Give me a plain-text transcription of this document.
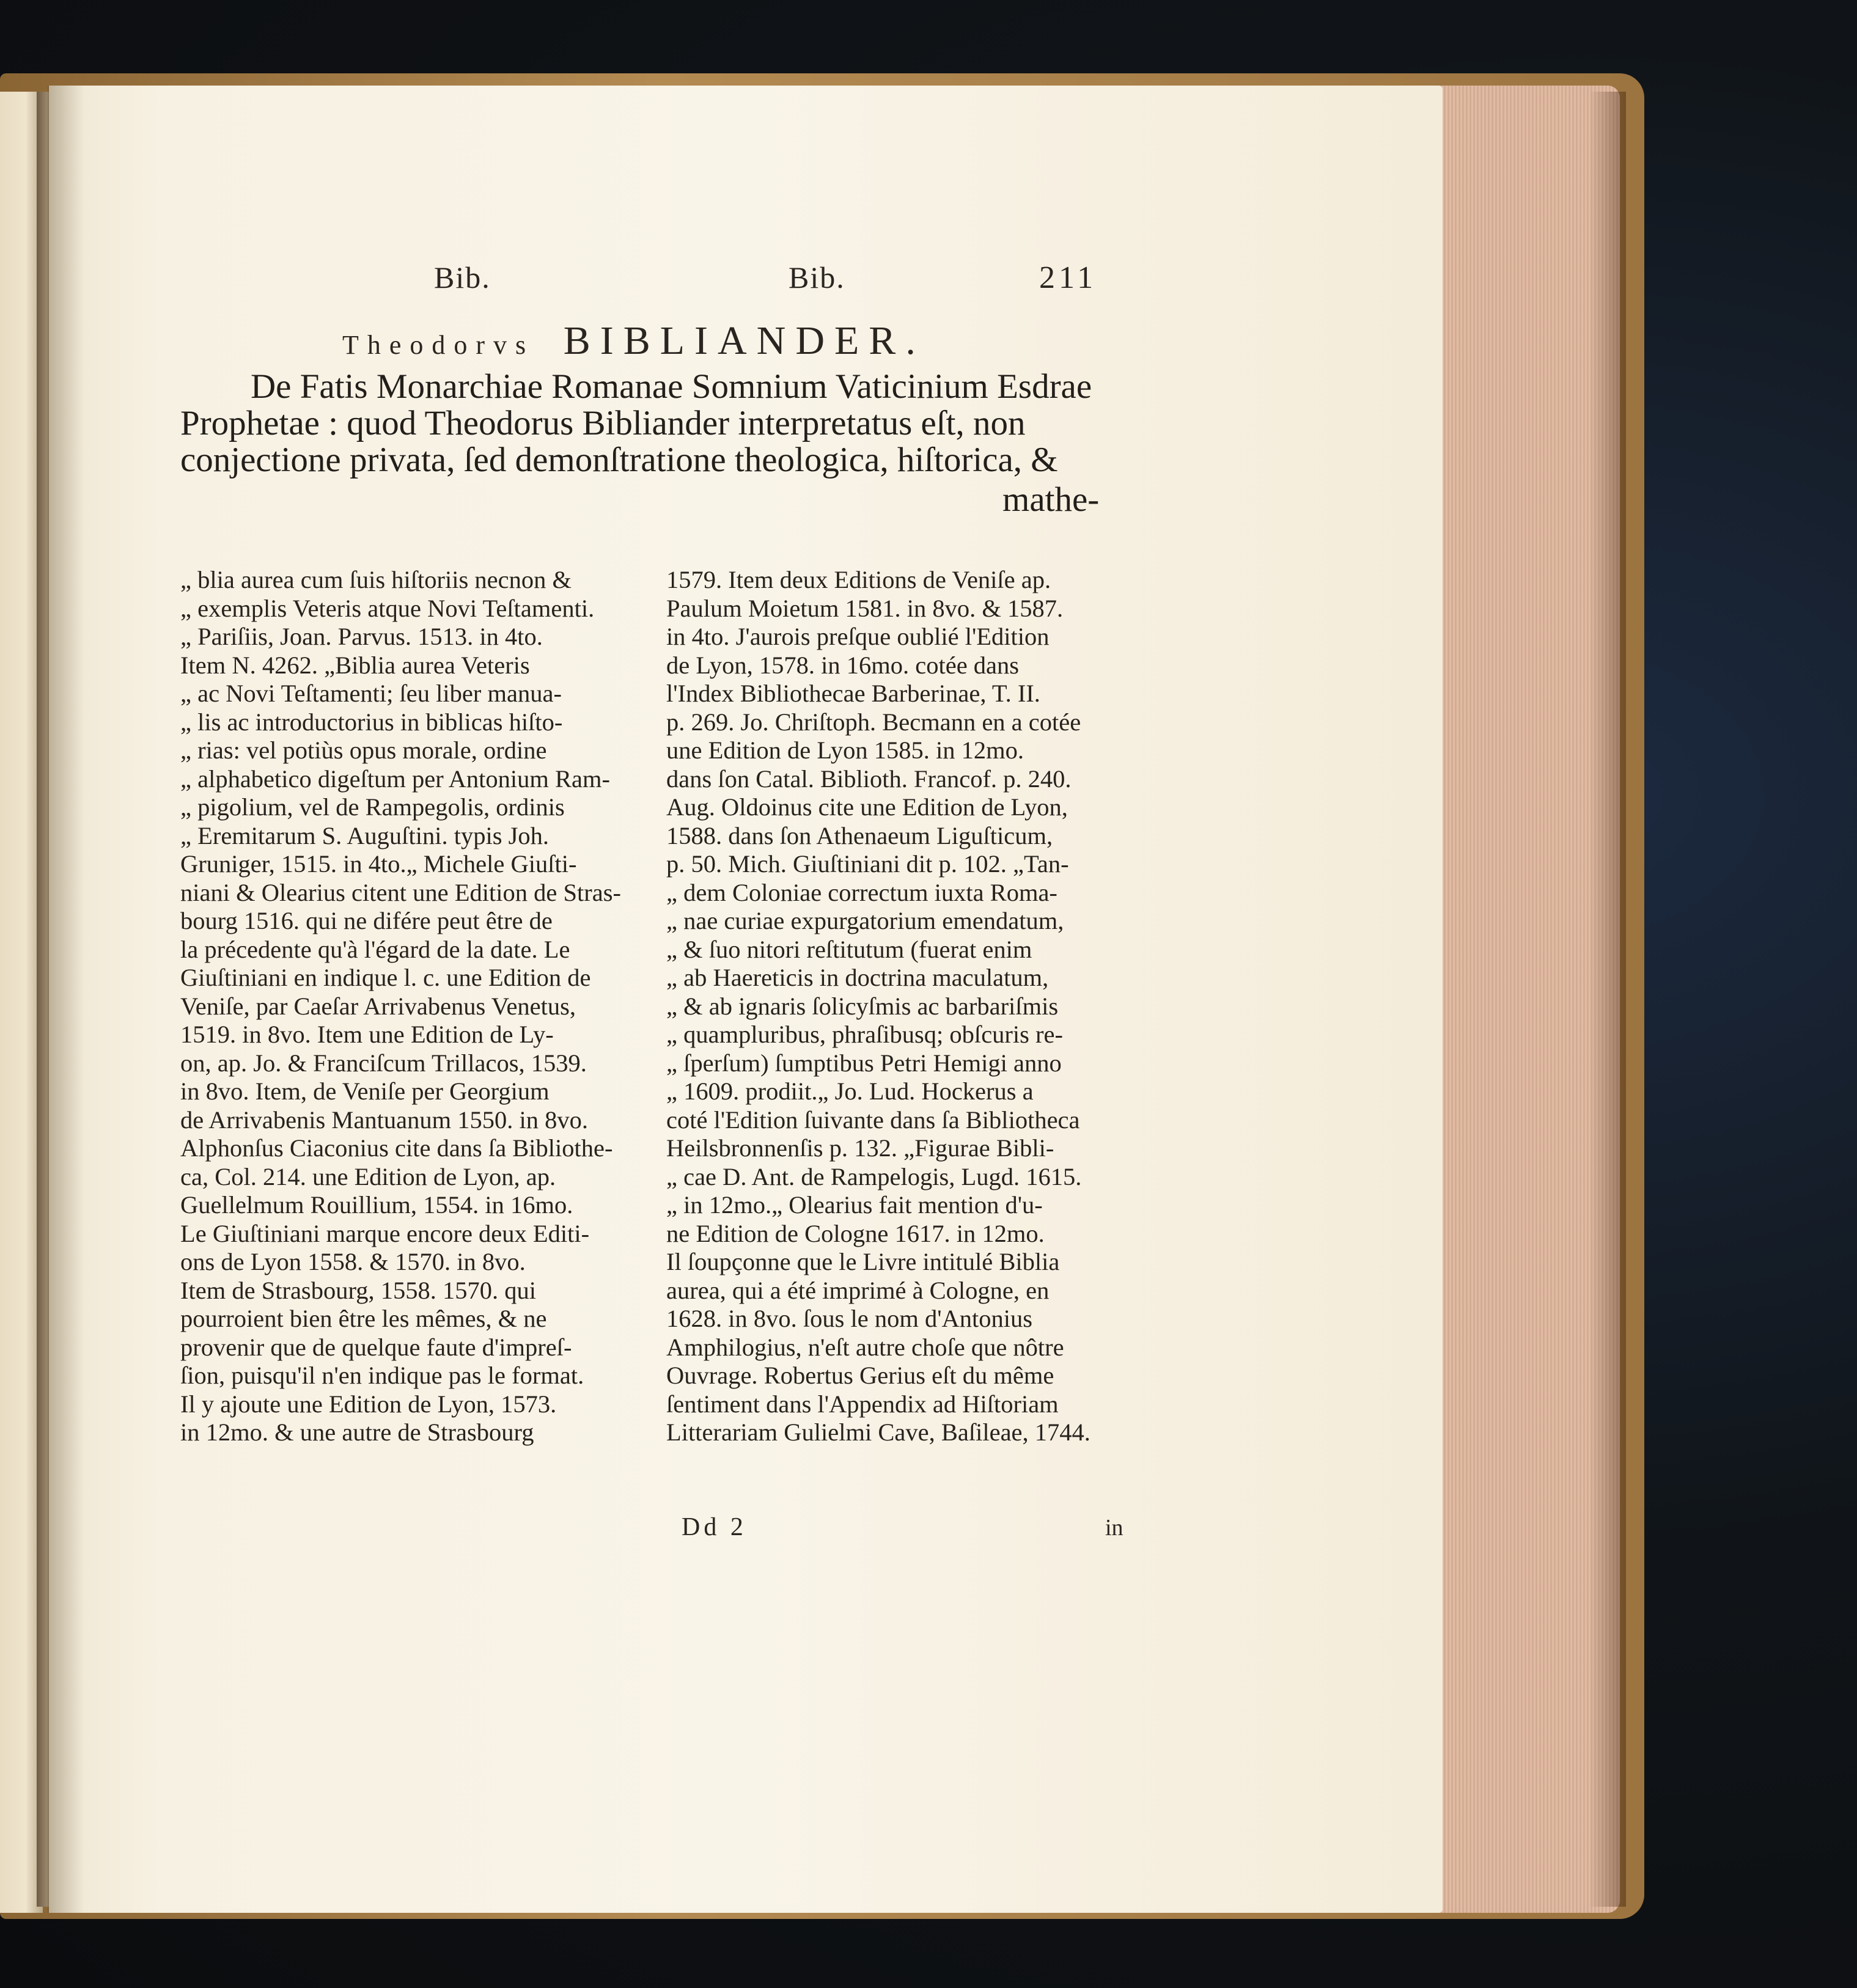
Bib.	Bib.	211
Theodorvs BIBLIANDER.
De Fatis Monarchiae Romanae Somnium Vaticinium Esdrae
Prophetae : quod Theodorus Bibliander interpretatus eſt, non
conjectione privata, ſed demonſtratione theologica, hiſtorica, &
mathe-
„ blia aurea cum ſuis hiſtoriis necnon &
„ exemplis Veteris atque Novi Teſtamenti.
„ Pariſiis, Joan. Parvus. 1513. in 4to.
Item N. 4262. „Biblia aurea Veteris
„ ac Novi Teſtamenti; ſeu liber manua-
„ lis ac introductorius in biblicas hiſto-
„ rias: vel potiùs opus morale, ordine
„ alphabetico digeſtum per Antonium Ram-
„ pigolium, vel de Rampegolis, ordinis
„ Eremitarum S. Auguſtini. typis Joh.
Gruniger, 1515. in 4to.„ Michele Giuſti-
niani & Olearius citent une Edition de Stras-
bourg 1516. qui ne difére peut être de
la précedente qu'à l'égard de la date. Le
Giuſtiniani en indique l. c. une Edition de
Veniſe, par Caeſar Arrivabenus Venetus,
1519. in 8vo. Item une Edition de Ly-
on, ap. Jo. & Franciſcum Trillacos, 1539.
in 8vo. Item, de Veniſe per Georgium
de Arrivabenis Mantuanum 1550. in 8vo.
Alphonſus Ciaconius cite dans ſa Bibliothe-
ca, Col. 214. une Edition de Lyon, ap.
Guellelmum Rouillium, 1554. in 16mo.
Le Giuſtiniani marque encore deux Editi-
ons de Lyon 1558. & 1570. in 8vo.
Item de Strasbourg, 1558. 1570. qui
pourroient bien être les mêmes, & ne
provenir que de quelque faute d'impreſ-
ſion, puisqu'il n'en indique pas le format.
Il y ajoute une Edition de Lyon, 1573.
in 12mo. & une autre de Strasbourg
1579. Item deux Editions de Veniſe ap.
Paulum Moietum 1581. in 8vo. & 1587.
in 4to. J'aurois preſque oublié l'Edition
de Lyon, 1578. in 16mo. cotée dans
l'Index Bibliothecae Barberinae, T. II.
p. 269. Jo. Chriſtoph. Becmann en a cotée
une Edition de Lyon 1585. in 12mo.
dans ſon Catal. Biblioth. Francof. p. 240.
Aug. Oldoinus cite une Edition de Lyon,
1588. dans ſon Athenaeum Liguſticum,
p. 50. Mich. Giuſtiniani dit p. 102. „Tan-
„ dem Coloniae correctum iuxta Roma-
„ nae curiae expurgatorium emendatum,
„ & ſuo nitori reſtitutum (fuerat enim
„ ab Haereticis in doctrina maculatum,
„ & ab ignaris ſolicyſmis ac barbariſmis
„ quampluribus, phraſibusq; obſcuris re-
„ ſperſum) ſumptibus Petri Hemigi anno
„ 1609. prodiit.„ Jo. Lud. Hockerus a
coté l'Edition ſuivante dans ſa Bibliotheca
Heilsbronnenſis p. 132. „Figurae Bibli-
„ cae D. Ant. de Rampelogis, Lugd. 1615.
„ in 12mo.„ Olearius fait mention d'u-
ne Edition de Cologne 1617. in 12mo.
Il ſoupçonne que le Livre intitulé Biblia
aurea, qui a été imprimé à Cologne, en
1628. in 8vo. ſous le nom d'Antonius
Amphilogius, n'eſt autre choſe que nôtre
Ouvrage. Robertus Gerius eſt du même
ſentiment dans l'Appendix ad Hiſtoriam
Litterariam Gulielmi Cave, Baſileae, 1744.
Dd 2	in
